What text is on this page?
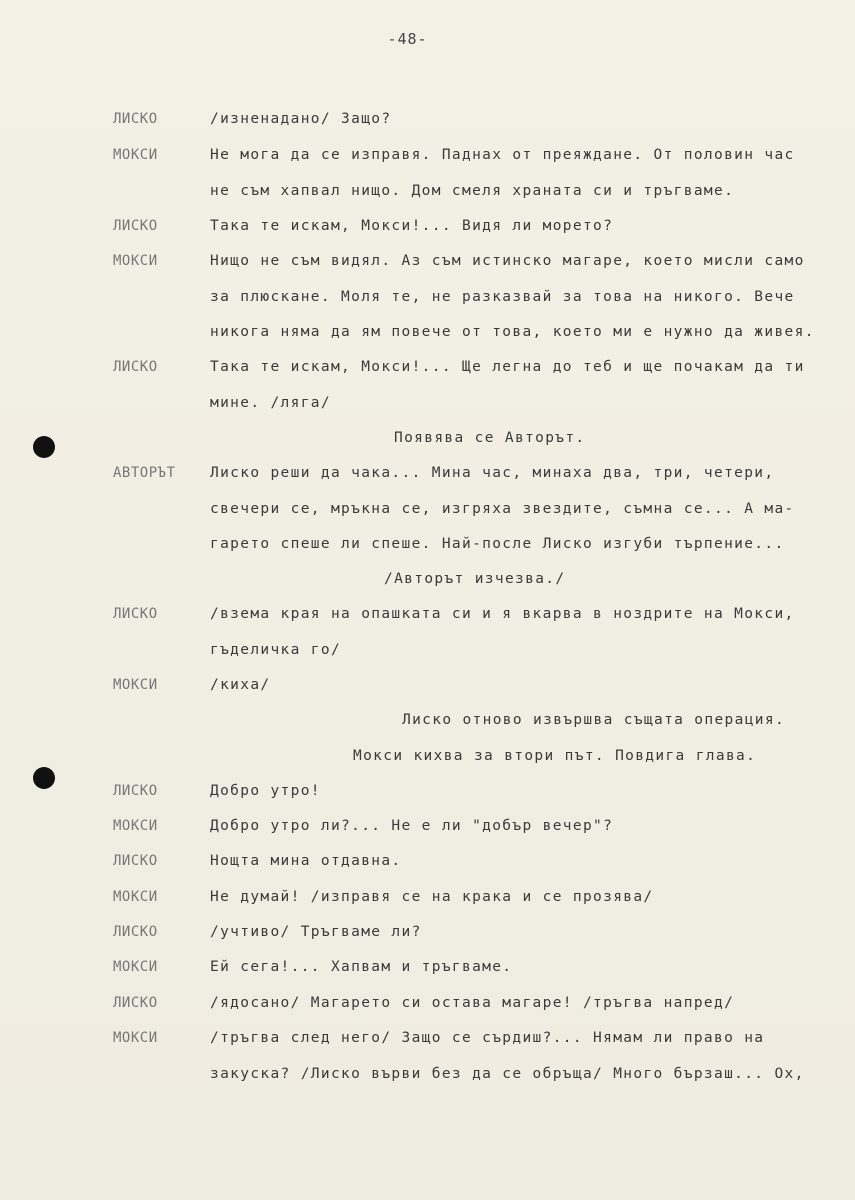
-48-
ЛИСКО	/изненадано/ Защо?
МОКСИ	Не мога да се изправя. Паднах от преяждане. От половин час
не съм хапвал нищо. Дом смеля храната си и тръгваме.
ЛИСКО	Така те искам, Мокси!... Видя ли морето?
МОКСИ	Нищо не съм видял. Аз съм истинско магаре, което мисли само
за плюскане. Моля те, не разказвай за това на никого. Вече
никога няма да ям повече от това, което ми е нужно да живея.
ЛИСКО	Така те искам, Мокси!... Ще легна до теб и ще почакам да ти
мине. /ляга/
Появява се Авторът.
АВТОРЪТ Лиско реши да чака... Мина час, минаха два, три, четери,
свечери се, мръкна се, изгряха звездите, съмна се... А ма-
гарето спеше ли спеше. Най-после Лиско изгуби търпение...
/Авторът изчезва./
ЛИСКО	/взема края на опашката си и я вкарва в ноздрите на Мокси,
гъделичка го/
МОКСИ	/киха/
Лиско отново извършва същата операция.
Мокси кихва за втори път. Повдига глава.
ЛИСКО	Добро утро!
МОКСИ	Добро утро ли?... Не е ли "добър вечер"?
ЛИСКО	Нощта мина отдавна.
МОКСИ	Не думай! /изправя се на крака и се прозява/
ЛИСКО	/учтиво/ Тръгваме ли?
МОКСИ	Ей сега!... Хапвам и тръгваме.
ЛИСКО	/ядосано/ Магарето си остава магаре! /тръгва напред/
МОКСИ	/тръгва след него/ Защо се сърдиш?... Нямам ли право на
закуска? /Лиско върви без да се обръща/ Много бързаш... Ох,
